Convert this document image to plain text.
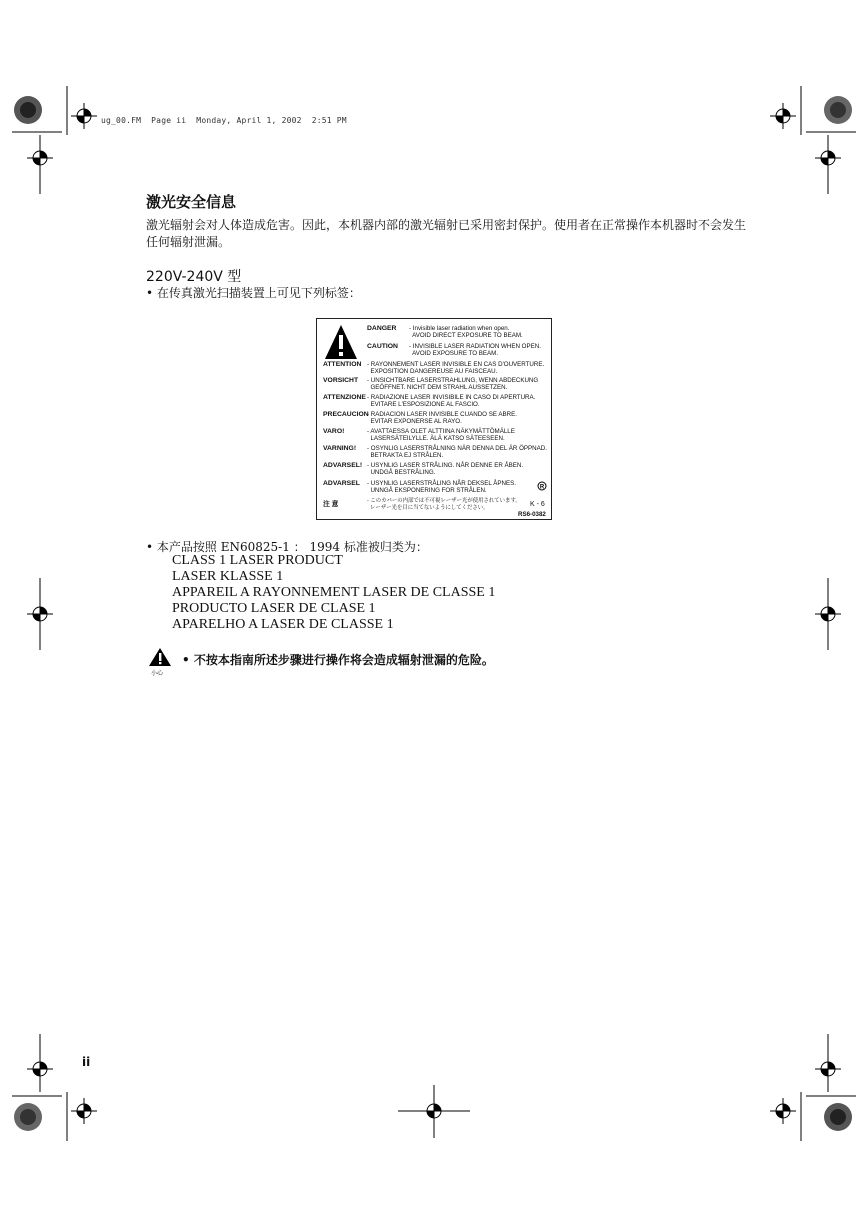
ug_00.FM  Page ii  Monday, April 1, 2002  2:51 PM
激光安全信息
激光辐射会对人体造成危害。因此，本机器内部的激光辐射已采用密封保护。使用者在正常操作本机器时不会发生任何辐射泄漏。
220V-240V 型
• 在传真激光扫描装置上可见下列标签：
DANGER - Invisible laser radiation when open.
AVOID DIRECT EXPOSURE TO BEAM.
CAUTION - INVISIBLE LASER RADIATION WHEN OPEN.
AVOID EXPOSURE TO BEAM.
ATTENTION - RAYONNEMENT LASER INVISIBLE EN CAS D'OUVERTURE.
EXPOSITION DANGEREUSE AU FAISCEAU.
VORSICHT - UNSICHTBARE LASERSTRAHLUNG, WENN ABDECKUNG
GEÖFFNET. NICHT DEM STRAHL AUSSETZEN.
ATTENZIONE - RADIAZIONE LASER INVISIBILE IN CASO DI APERTURA.
EVITARE L'ESPOSIZIONE AL FASCIO.
PRECAUCION
- RADIACION LASER INVISIBLE CUANDO SE ABRE.
EVITAR EXPONERSE AL RAYO.
VARO!	- AVATTAESSA OLET ALTTIINA NÄKYMÄTTÖMÄLLE
LASERSÄTEILYLLE. ÄLÄ KATSO SÄTEESEEN.
VARNING! - OSYNLIG LASERSTRÅLNING NÄR DENNA DEL ÄR ÖPPNAD.
BETRAKTA EJ STRÅLEN.
ADVARSEL! - USYNLIG LASER STRÅLING. NÅR DENNE ER ÅBEN.
UNDGÅ BESTRÅLING.
ADVARSEL - USYNLIG LASERSTRÅLING NÅR DEKSEL ÅPNES.
UNNGÅ EKSPONERING FOR STRÅLEN.
注 意	- このカバーの内部では不可視レーザー光が使用されています。
レーザー光を目に当てないようにしてください。
R
K - 6
RS6-0382
• 本产品按照 EN60825-1 ： 1994 标准被归类为：
CLASS 1 LASER PRODUCT
LASER KLASSE 1
APPAREIL A RAYONNEMENT LASER DE CLASSE 1
PRODUCTO LASER DE CLASE 1
APARELHO A LASER DE CLASSE 1
小心
• 不按本指南所述步骤进行操作将会造成辐射泄漏的危险。
ii
